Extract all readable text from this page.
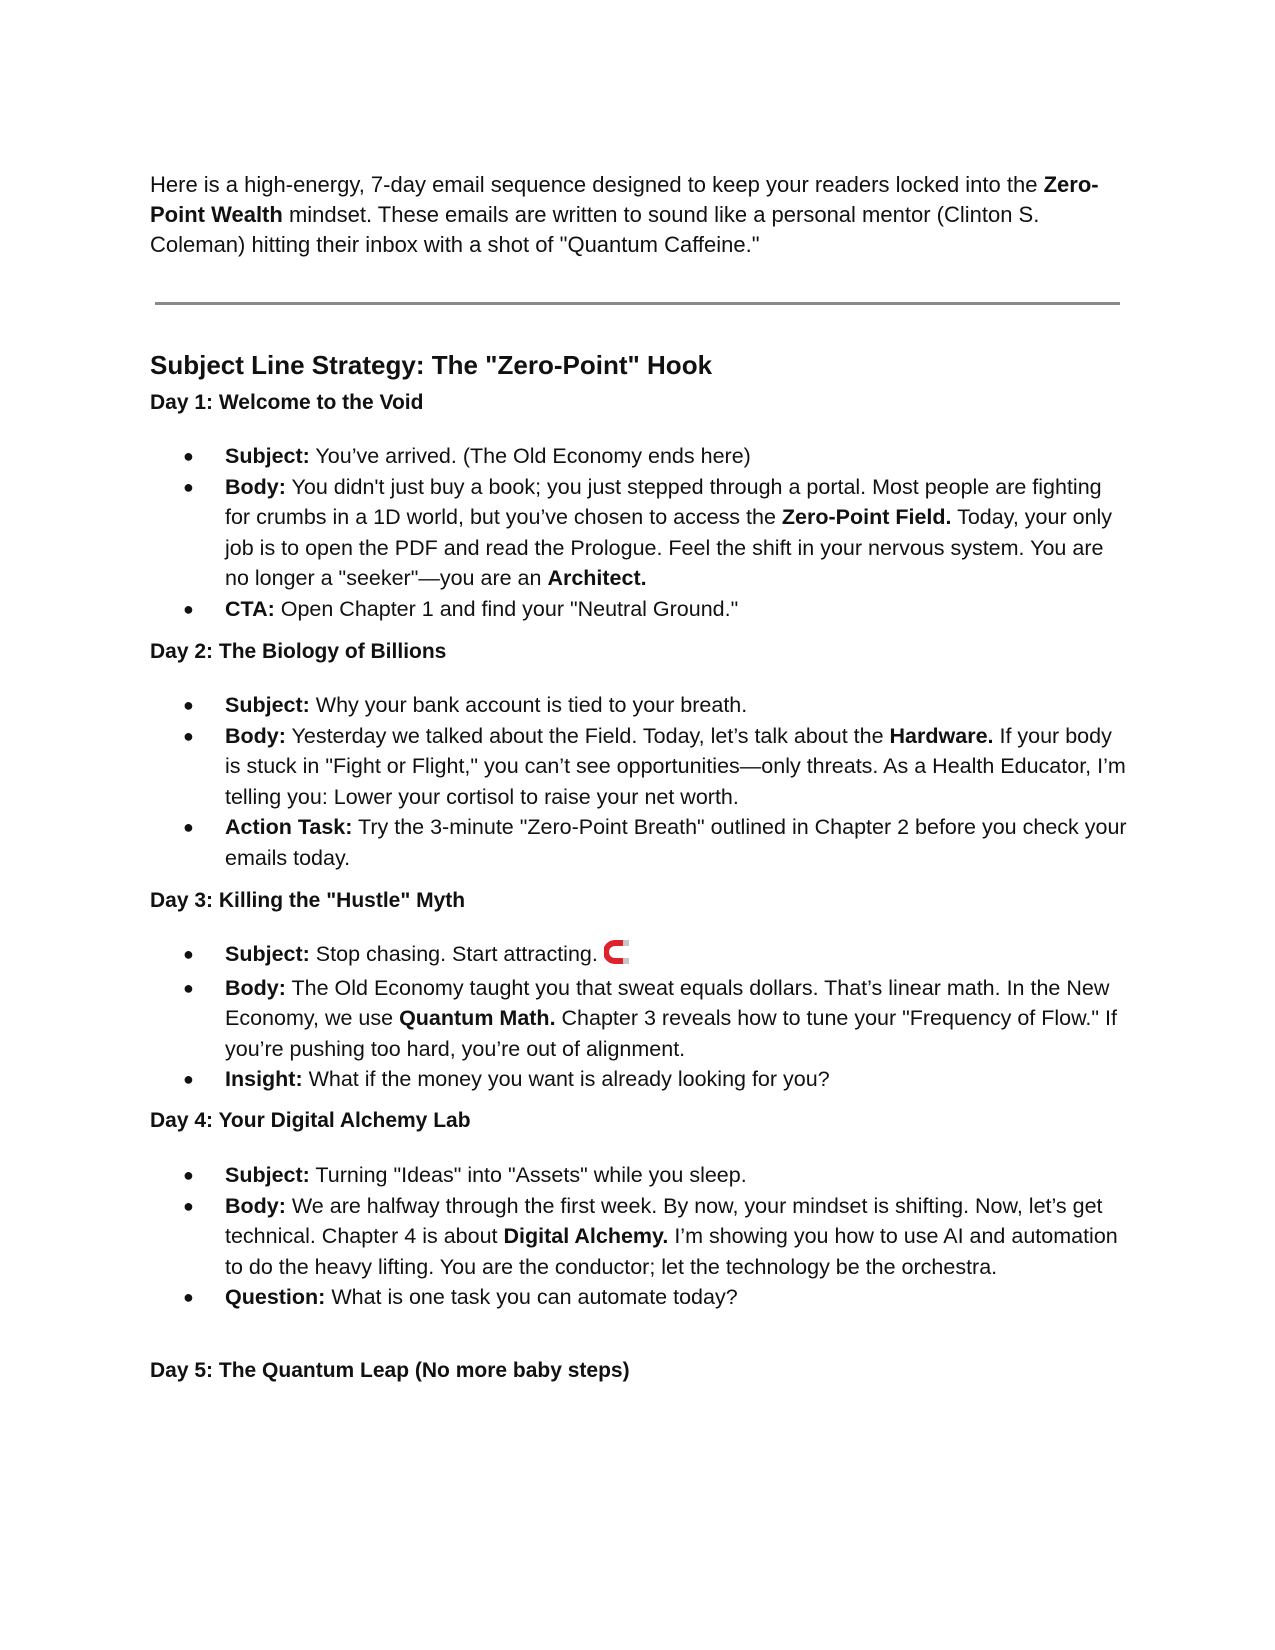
Here is a high-energy, 7-day email sequence designed to keep your readers locked into the Zero-Point Wealth mindset. These emails are written to sound like a personal mentor (Clinton S. Coleman) hitting their inbox with a shot of "Quantum Caffeine."

Subject Line Strategy: The "Zero-Point" Hook
Day 1: Welcome to the Void
● Subject: You’ve arrived. (The Old Economy ends here)
● Body: You didn't just buy a book; you just stepped through a portal. Most people are fighting for crumbs in a 1D world, but you’ve chosen to access the Zero-Point Field. Today, your only job is to open the PDF and read the Prologue. Feel the shift in your nervous system. You are no longer a "seeker"—you are an Architect.
● CTA: Open Chapter 1 and find your "Neutral Ground."
Day 2: The Biology of Billions
● Subject: Why your bank account is tied to your breath.
● Body: Yesterday we talked about the Field. Today, let’s talk about the Hardware. If your body is stuck in "Fight or Flight," you can’t see opportunities—only threats. As a Health Educator, I’m telling you: Lower your cortisol to raise your net worth.
● Action Task: Try the 3-minute "Zero-Point Breath" outlined in Chapter 2 before you check your emails today.
Day 3: Killing the "Hustle" Myth
● Subject: Stop chasing. Start attracting.
● Body: The Old Economy taught you that sweat equals dollars. That’s linear math. In the New Economy, we use Quantum Math. Chapter 3 reveals how to tune your "Frequency of Flow." If you’re pushing too hard, you’re out of alignment.
● Insight: What if the money you want is already looking for you?
Day 4: Your Digital Alchemy Lab
● Subject: Turning "Ideas" into "Assets" while you sleep.
● Body: We are halfway through the first week. By now, your mindset is shifting. Now, let’s get technical. Chapter 4 is about Digital Alchemy. I’m showing you how to use AI and automation to do the heavy lifting. You are the conductor; let the technology be the orchestra.
● Question: What is one task you can automate today?
Day 5: The Quantum Leap (No more baby steps)
